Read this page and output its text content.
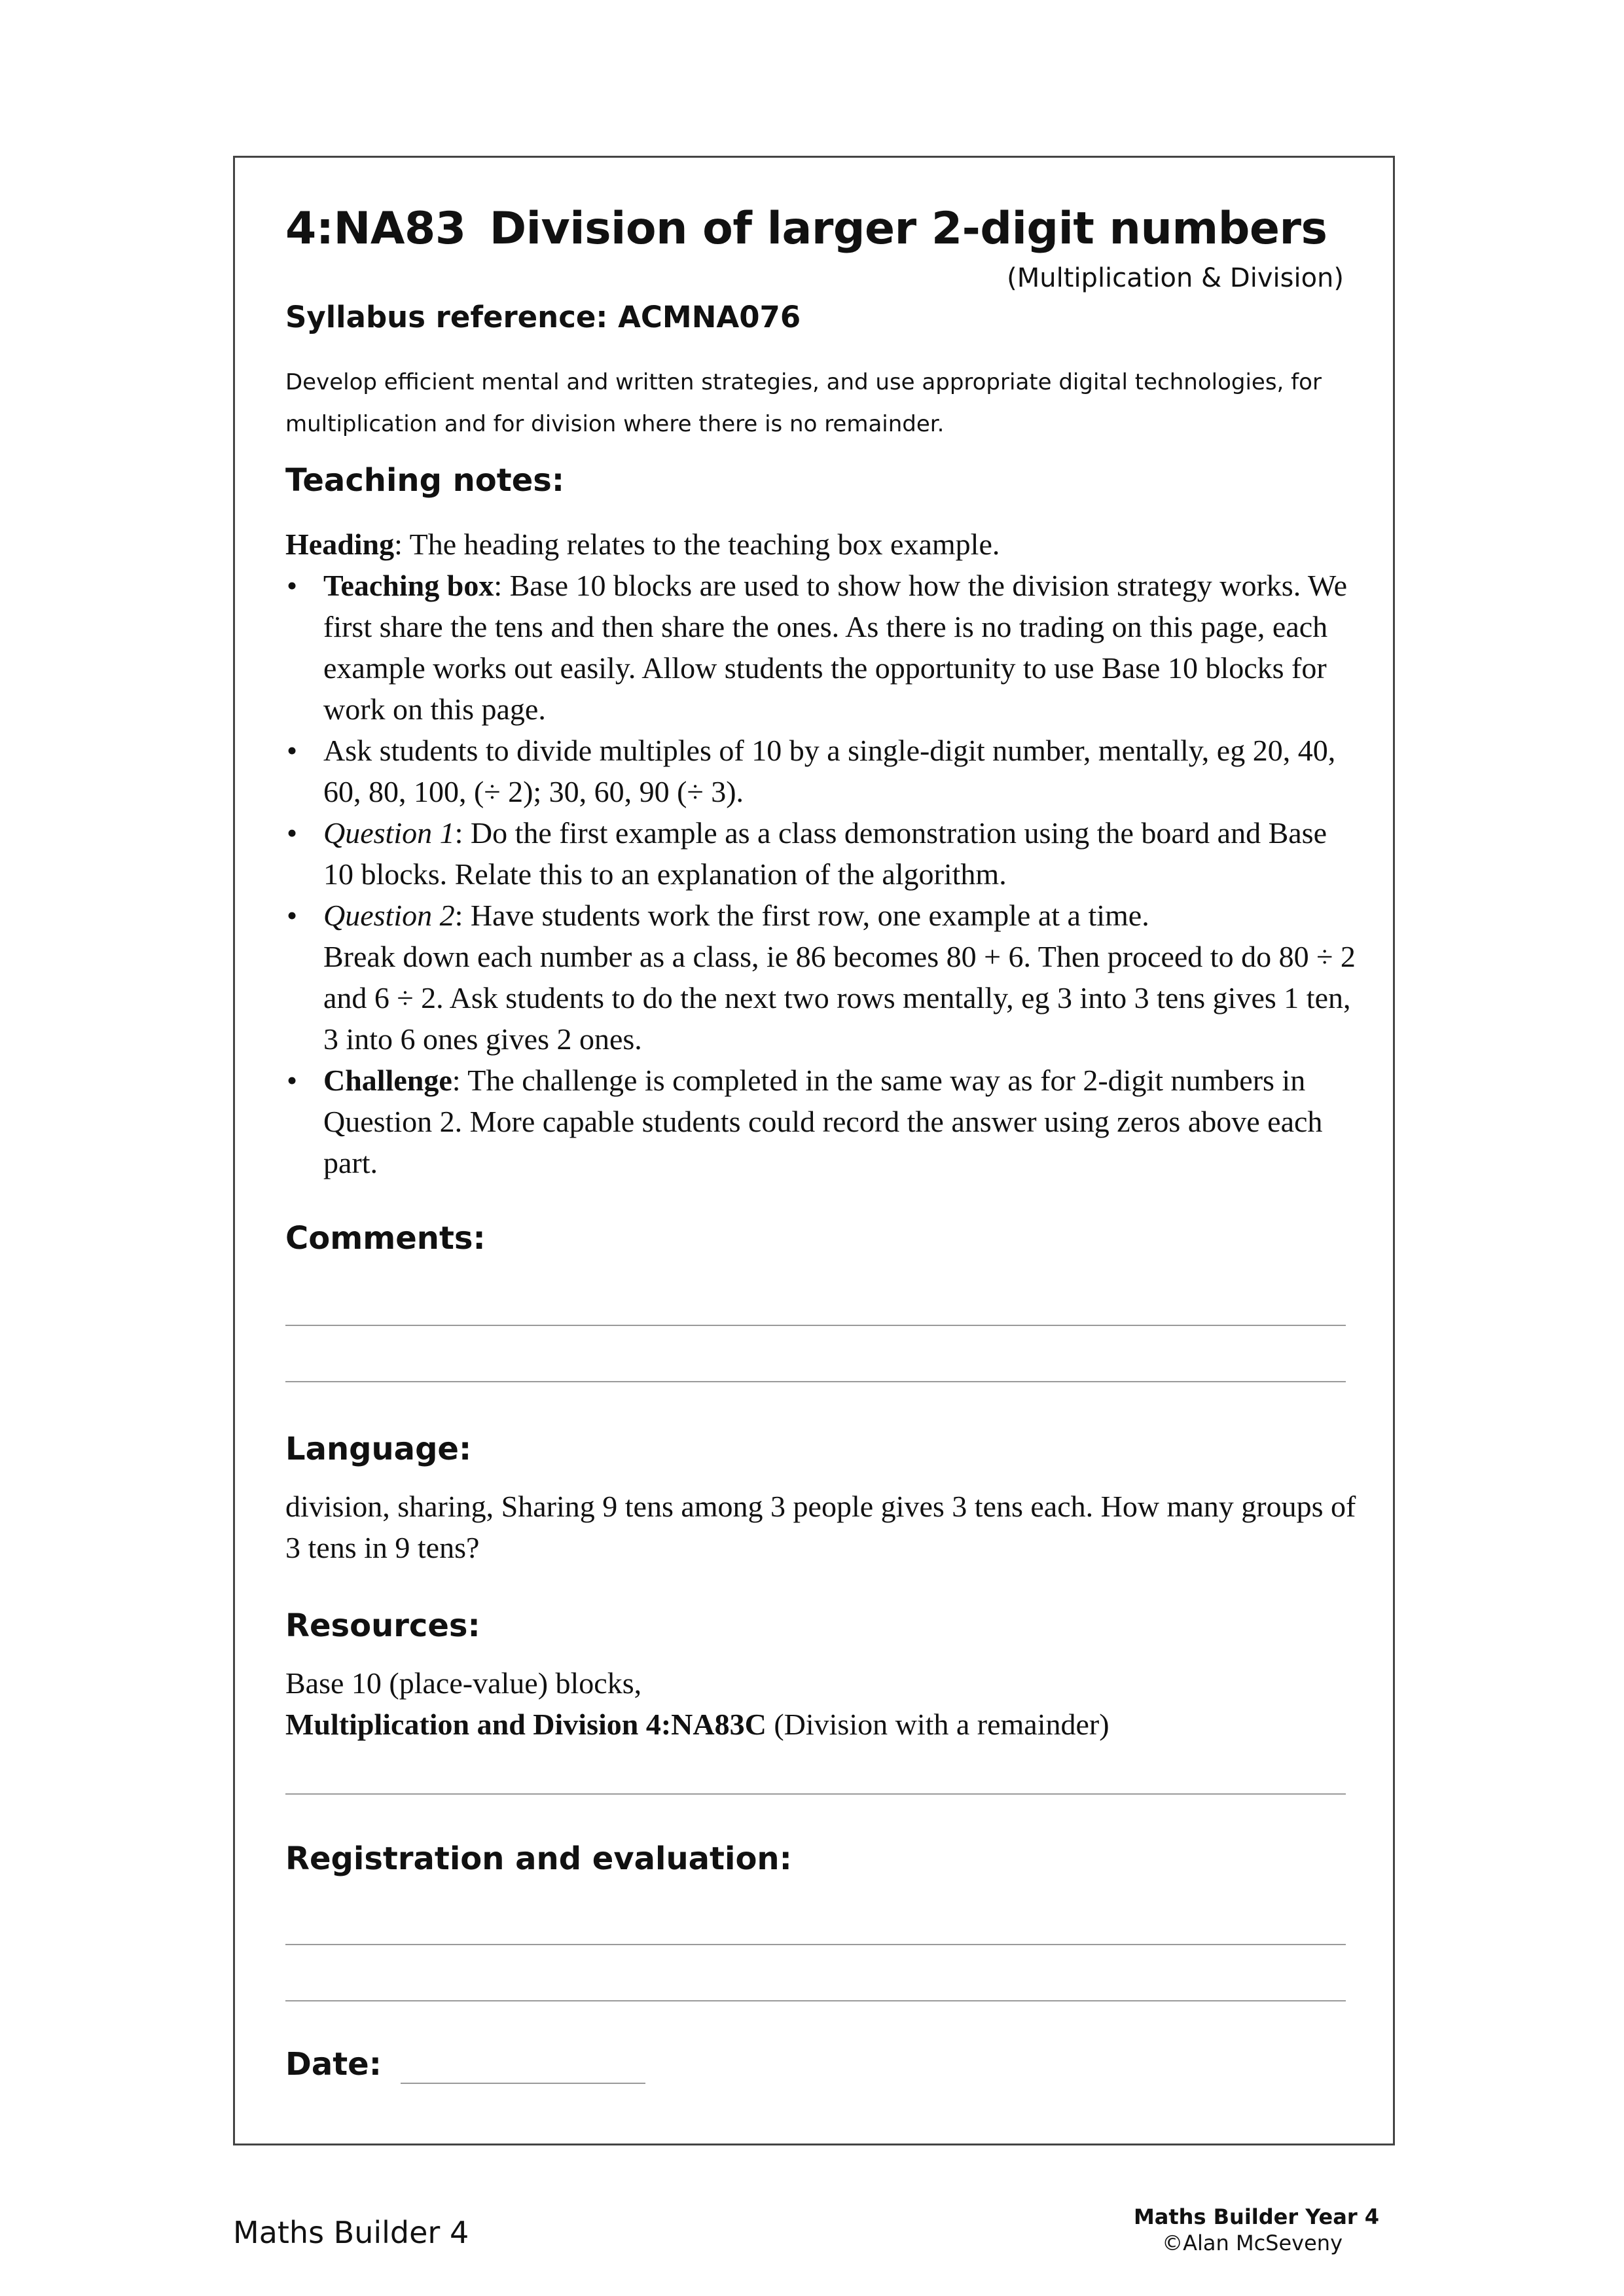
4:NA83 Division of larger 2-digit numbers
(Multiplication & Division)
Syllabus reference: ACMNA076
Develop efficient mental and written strategies, and use appropriate digital technologies, for multiplication and for division where there is no remainder.
Teaching notes:

Heading: The heading relates to the teaching box example.

• Teaching box: Base 10 blocks are used to show how the division strategy works. We first share the tens and then share the ones. As there is no trading on this page, each example works out easily. Allow students the opportunity to use Base 10 blocks for work on this page.
• Ask students to divide multiples of 10 by a single-digit number, mentally, eg 20, 40, 60, 80, 100, (÷ 2); 30, 60, 90 (÷ 3).
• Question 1: Do the first example as a class demonstration using the board and Base 10 blocks. Relate this to an explanation of the algorithm.
• Question 2: Have students work the first row, one example at a time.
Break down each number as a class, ie 86 becomes 80 + 6. Then proceed to do 80 ÷ 2 and 6 ÷ 2. Ask students to do the next two rows mentally, eg 3 into 3 tens gives 1 ten, 3 into 6 ones gives 2 ones.
• Challenge: The challenge is completed in the same way as for 2-digit numbers in Question 2. More capable students could record the answer using zeros above each part.
Comments:
Language:
division, sharing, Sharing 9 tens among 3 people gives 3 tens each. How many groups of 3 tens in 9 tens?
Resources:
Base 10 (place-value) blocks,
Multiplication and Division 4:NA83C (Division with a remainder)
Registration and evaluation:
Date:
Maths Builder 4	Maths Builder Year 4
©Alan McSeveny
